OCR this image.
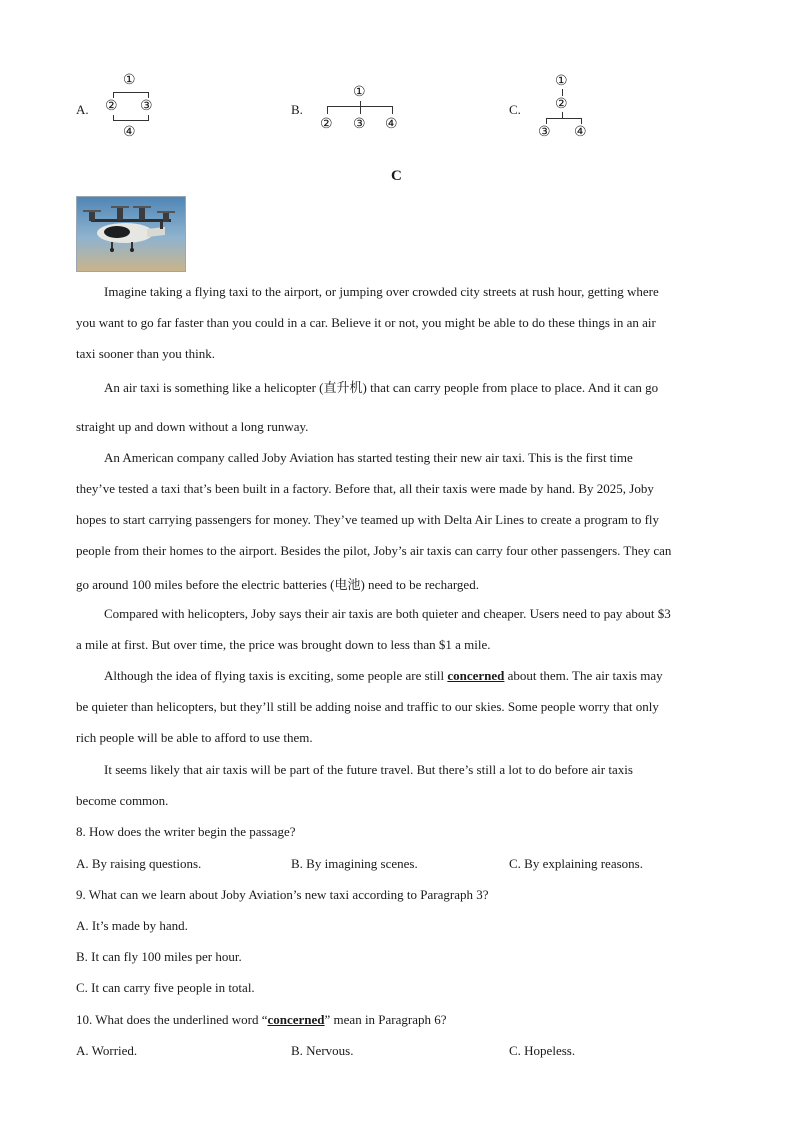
A.
①
② ③
④
B.
①
② ③ ④
C.
①
②
③ ④
C
Imagine taking a flying taxi to the airport, or jumping over crowded city streets at rush hour, getting where
you want to go far faster than you could in a car. Believe it or not, you might be able to do these things in an air
taxi sooner than you think.
An air taxi is something like a helicopter (直升机) that can carry people from place to place. And it can go
straight up and down without a long runway.
An American company called Joby Aviation has started testing their new air taxi. This is the first time
they’ve tested a taxi that’s been built in a factory. Before that, all their taxis were made by hand. By 2025, Joby
hopes to start carrying passengers for money. They’ve teamed up with Delta Air Lines to create a program to fly
people from their homes to the airport. Besides the pilot, Joby’s air taxis can carry four other passengers. They can
go around 100 miles before the electric batteries (电池) need to be recharged.
Compared with helicopters, Joby says their air taxis are both quieter and cheaper. Users need to pay about $3
a mile at first. But over time, the price was brought down to less than $1 a mile.
Although the idea of flying taxis is exciting, some people are still concerned about them. The air taxis may
be quieter than helicopters, but they’ll still be adding noise and traffic to our skies. Some people worry that only
rich people will be able to afford to use them.
It seems likely that air taxis will be part of the future travel. But there’s still a lot to do before air taxis
become common.
8. How does the writer begin the passage?
A. By raising questions.	B. By imagining scenes.	C. By explaining reasons.
9. What can we learn about Joby Aviation’s new taxi according to Paragraph 3?
A. It’s made by hand.
B. It can fly 100 miles per hour.
C. It can carry five people in total.
10. What does the underlined word “concerned” mean in Paragraph 6?
A. Worried.	B. Nervous.	C. Hopeless.
